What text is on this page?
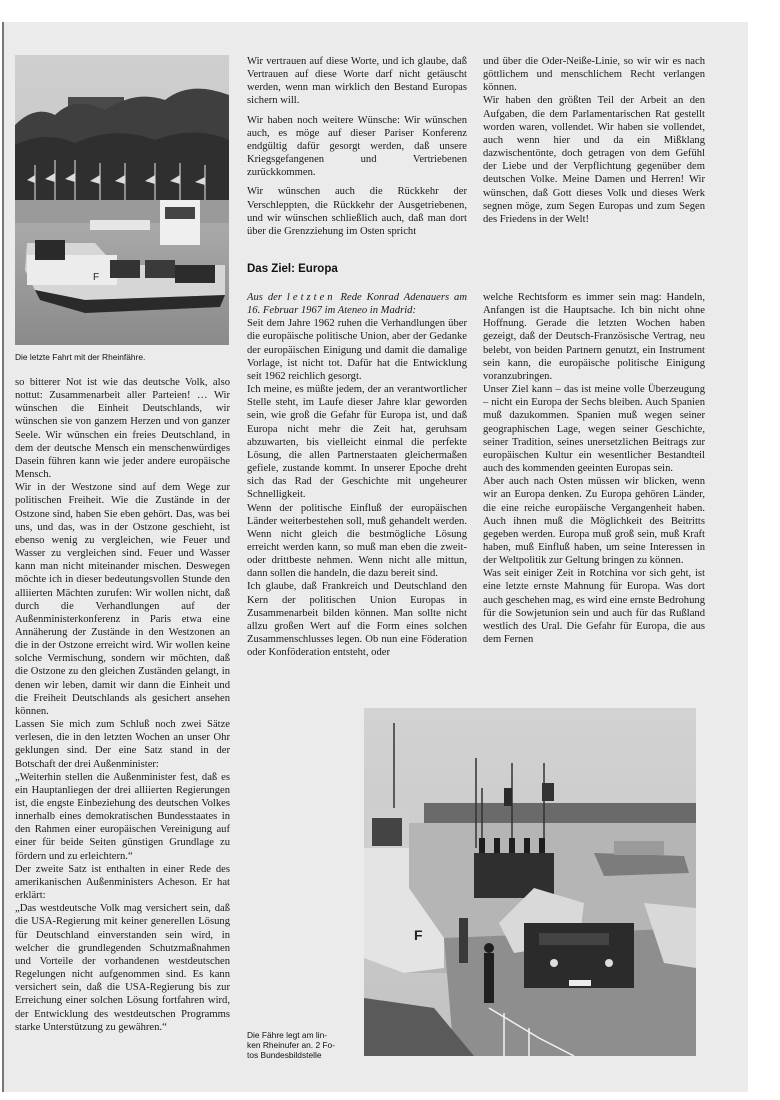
F
Die letzte Fahrt mit der Rheinfähre.

Wir vertrauen auf diese Worte, und ich glaube, daß Vertrauen auf diese Worte darf nicht getäuscht werden, wenn man wirklich den Bestand Europas sichern will.

Wir haben noch weitere Wünsche: Wir wünschen auch, es möge auf dieser Pariser Konferenz endgültig dafür gesorgt werden, daß unsere Kriegsgefangenen und Vertriebenen zurückkommen.

Wir wünschen auch die Rückkehr der Verschleppten, die Rückkehr der Ausgetriebenen, und wir wünschen schließlich auch, daß man dort über die Grenzziehung im Osten spricht

und über die Oder-Neiße-Linie, so wir wir es nach göttlichem und menschlichem Recht verlangen können.

Wir haben den größten Teil der Arbeit an den Aufgaben, die dem Parlamentarischen Rat gestellt worden waren, vollendet. Wir haben sie vollendet, auch wenn hier und da ein Mißklang dazwischentönte, doch getragen von dem Gefühl der Liebe und der Verpflichtung gegenüber dem deutschen Volke. Meine Damen und Herren! Wir wünschen, daß Gott dieses Volk und dieses Werk segnen möge, zum Segen Europas und zum Segen des Friedens in der Welt!

Das Ziel: Europa

Aus der letzten Rede Konrad Adenauers am 16. Februar 1967 im Ateneo in Madrid:

Seit dem Jahre 1962 ruhen die Verhandlungen über die europäische politische Union, aber der Gedanke der europäischen Einigung und damit die damalige Vorlage, ist nicht tot. Dafür hat die Entwicklung seit 1962 reichlich gesorgt.

Ich meine, es müßte jedem, der an verantwortlicher Stelle steht, im Laufe dieser Jahre klar geworden sein, wie groß die Gefahr für Europa ist, und daß Europa nicht mehr die Zeit hat, geruhsam abzuwarten, bis vielleicht einmal die perfekte Lösung, die allen Partnerstaaten gleichermaßen gefiele, zustande kommt. In unserer Epoche dreht sich das Rad der Geschichte mit ungeheurer Schnelligkeit.

Wenn der politische Einfluß der europäischen Länder weiterbestehen soll, muß gehandelt werden. Wenn nicht gleich die bestmögliche Lösung erreicht werden kann, so muß man eben die zweit- oder drittbeste nehmen. Wenn nicht alle mittun, dann sollen die handeln, die dazu bereit sind.

Ich glaube, daß Frankreich und Deutschland den Kern der politischen Union Europas in Zusammenarbeit bilden können. Man sollte nicht allzu großen Wert auf die Form eines solchen Zusammenschlusses legen. Ob nun eine Föderation oder Konföderation entsteht, oder

welche Rechtsform es immer sein mag: Handeln, Anfangen ist die Hauptsache. Ich bin nicht ohne Hoffnung. Gerade die letzten Wochen haben gezeigt, daß der Deutsch-Französische Vertrag, neu belebt, von beiden Partnern genutzt, ein Instrument sein kann, die europäische politische Einigung voranzubringen.

Unser Ziel kann – das ist meine volle Überzeugung – nicht ein Europa der Sechs bleiben. Auch Spanien muß dazukommen. Spanien muß wegen seiner geographischen Lage, wegen seiner Geschichte, seiner Tradition, seines unersetzlichen Beitrags zur europäischen Kultur ein wesentlicher Bestandteil auch des kommenden geeinten Europas sein.

Aber auch nach Osten müssen wir blicken, wenn wir an Europa denken. Zu Europa gehören Länder, die eine reiche europäische Vergangenheit haben. Auch ihnen muß die Möglichkeit des Beitritts gegeben werden. Europa muß groß sein, muß Kraft haben, muß Einfluß haben, um seine Interessen in der Weltpolitik zur Geltung bringen zu können.

Was seit einiger Zeit in Rotchina vor sich geht, ist eine letzte ernste Mahnung für Europa. Was dort auch geschehen mag, es wird eine ernste Bedrohung für die Sowjetunion sein und auch für das Rußland westlich des Ural. Die Gefahr für Europa, die aus dem Fernen

so bitterer Not ist wie das deutsche Volk, also nottut: Zusammenarbeit aller Parteien! … Wir wünschen die Einheit Deutschlands, wir wünschen sie von ganzem Herzen und von ganzer Seele. Wir wünschen ein freies Deutschland, in dem der deutsche Mensch ein menschenwürdiges Dasein führen kann wie jeder andere europäische Mensch.

Wir in der Westzone sind auf dem Wege zur politischen Freiheit. Wie die Zustände in der Ostzone sind, haben Sie eben gehört. Das, was bei uns, und das, was in der Ostzone geschieht, ist ebenso wenig zu vergleichen, wie Feuer und Wasser zu vergleichen sind. Feuer und Wasser kann man nicht miteinander mischen. Deswegen möchte ich in dieser bedeutungsvollen Stunde den alliierten Mächten zurufen: Wir wollen nicht, daß durch die Verhandlungen auf der Außenministerkonferenz in Paris etwa eine Annäherung der Zustände in den Westzonen an die in der Ostzone erreicht wird. Wir wollen keine solche Vermischung, sondern wir möchten, daß die Ostzone zu den gleichen Zuständen gelangt, in denen wir leben, damit wir dann die Einheit und die Freiheit Deutschlands als gesichert ansehen können.

Lassen Sie mich zum Schluß noch zwei Sätze verlesen, die in den letzten Wochen an unser Ohr geklungen sind. Der eine Satz stand in der Botschaft der drei Außenminister:

„Weiterhin stellen die Außenminister fest, daß es ein Hauptanliegen der drei alliierten Regierungen ist, die engste Einbeziehung des deutschen Volkes innerhalb eines demokratischen Bundesstaates in den Rahmen einer europäischen Vereinigung auf einer für beide Seiten günstigen Grundlage zu fördern und zu erleichtern.“

Der zweite Satz ist enthalten in einer Rede des amerikanischen Außenministers Acheson. Er hat erklärt:

„Das westdeutsche Volk mag versichert sein, daß die USA-Regierung mit keiner generellen Lösung für Deutschland einverstanden sein wird, in welcher die grundlegenden Schutzmaßnahmen und Vorteile der vorhandenen westdeutschen Regelungen nicht aufgenommen sind. Es kann versichert sein, daß die USA-Regierung bis zur Erreichung einer solchen Lösung fortfahren wird, der Entwicklung des westdeutschen Programms starke Unterstützung zu gewähren.“

F
Die Fähre legt am lin-
ken Rheinufer an. 2 Fo-
tos Bundesbildstelle
